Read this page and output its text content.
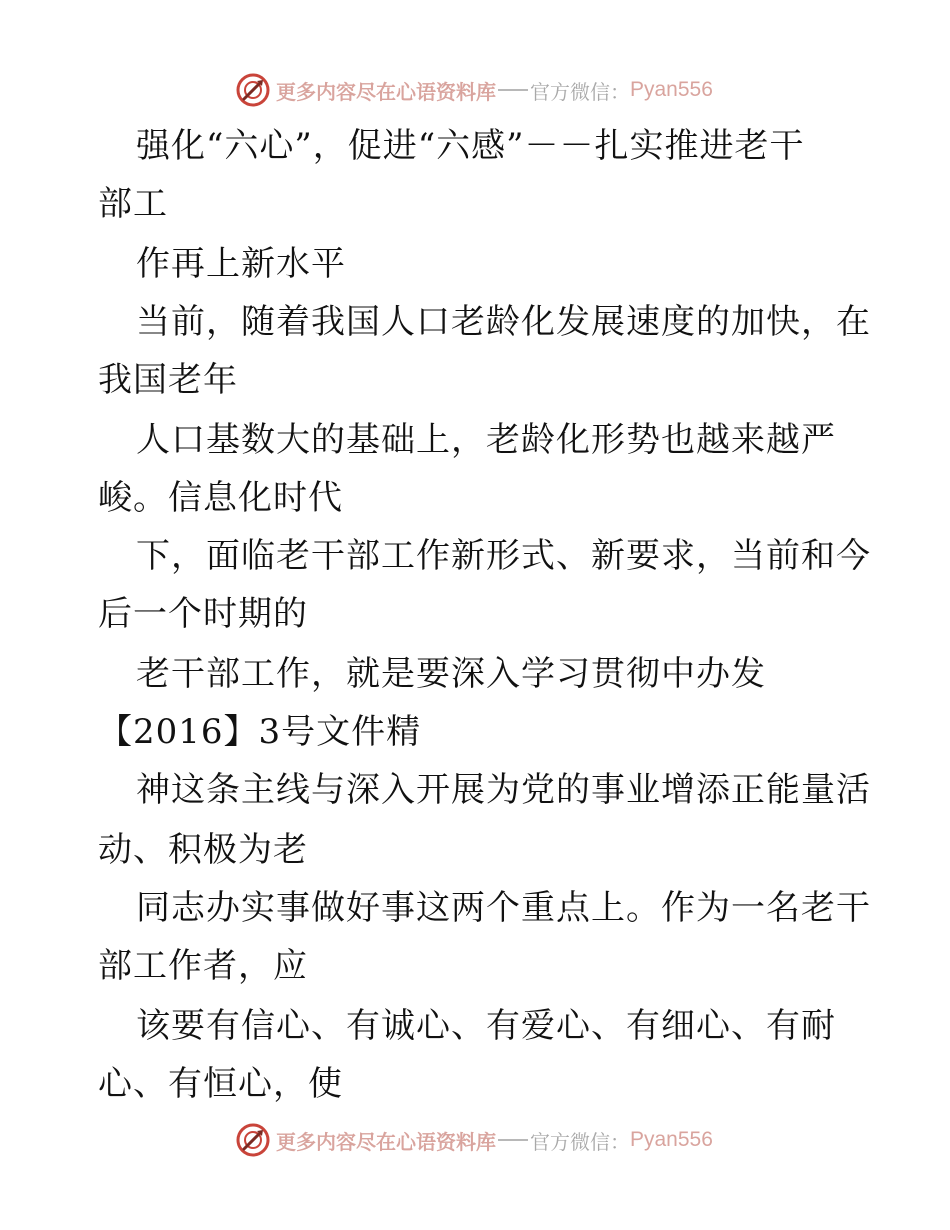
更多内容尽在心语资料库 官方微信： Pyan556
强化“六心”，促进“六感”－－扎实推进老干
部工
作再上新水平
当前，随着我国人口老龄化发展速度的加快，在
我国老年
人口基数大的基础上，老龄化形势也越来越严
峻。信息化时代
下，面临老干部工作新形式、新要求，当前和今
后一个时期的
老干部工作，就是要深入学习贯彻中办发
【2016】3号文件精
神这条主线与深入开展为党的事业增添正能量活
动、积极为老
同志办实事做好事这两个重点上。作为一名老干
部工作者，应
该要有信心、有诚心、有爱心、有细心、有耐
心、有恒心，使
更多内容尽在心语资料库 官方微信： Pyan556
